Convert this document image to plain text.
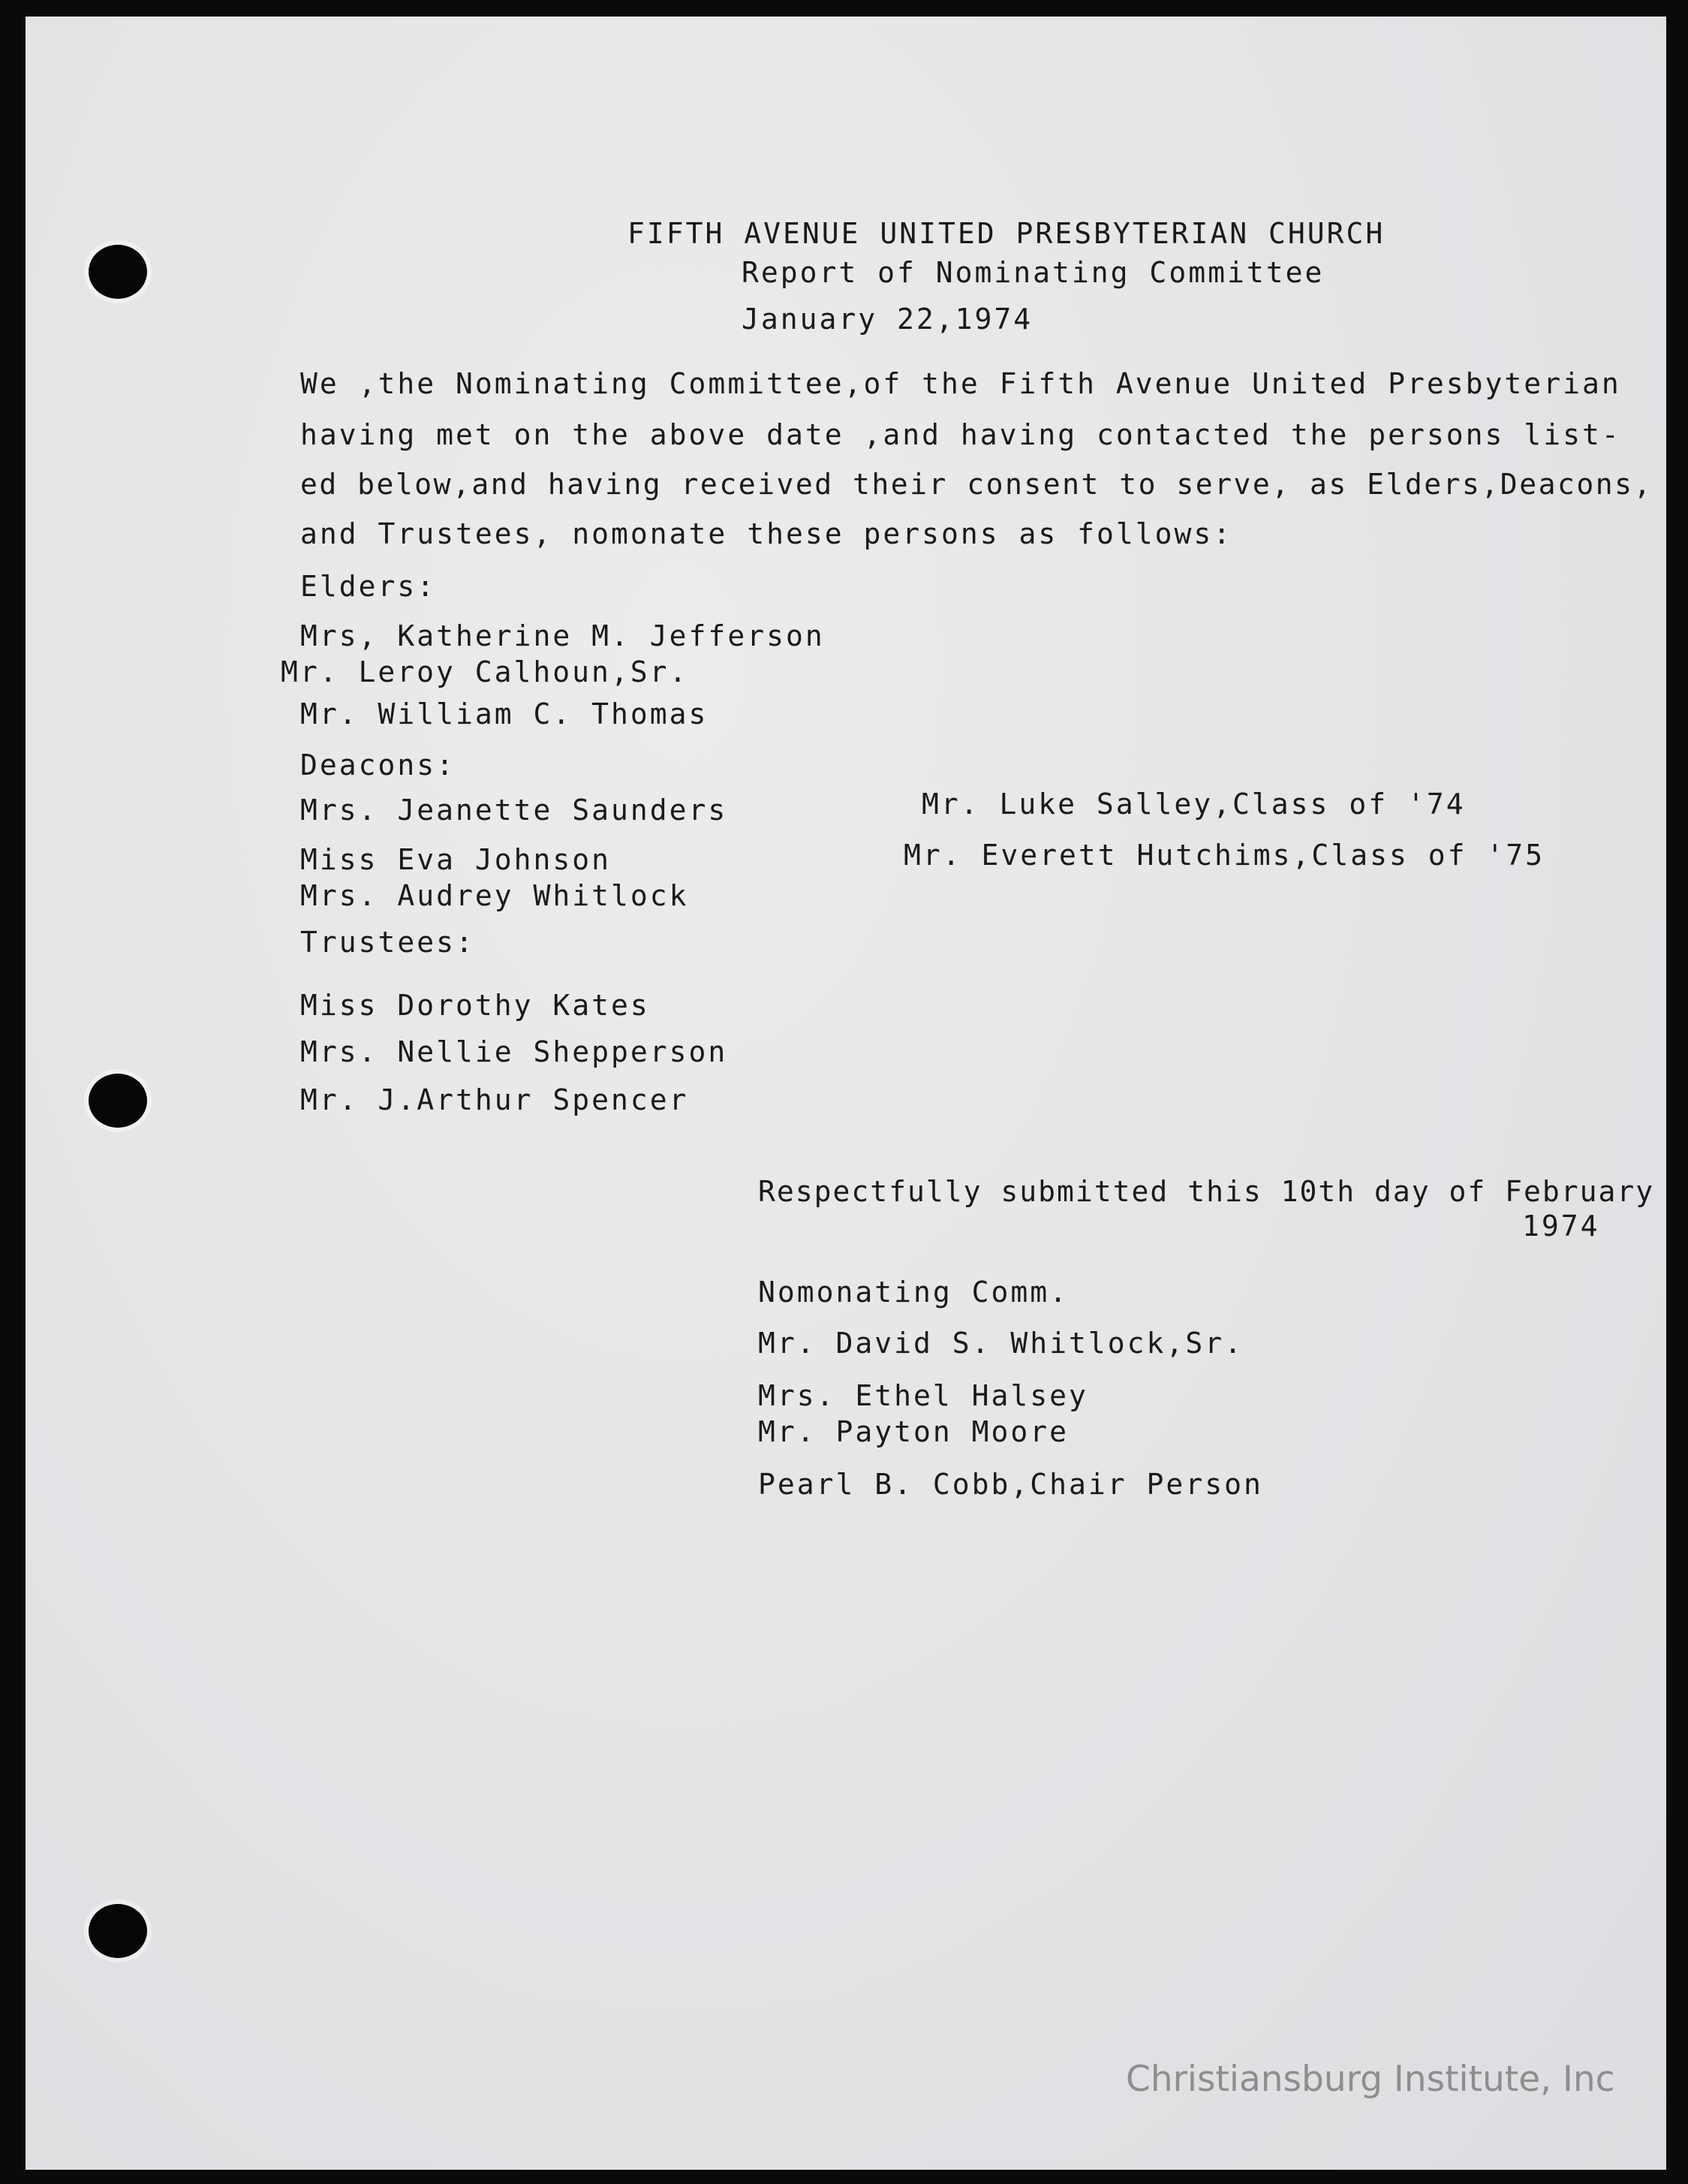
FIFTH AVENUE UNITED PRESBYTERIAN CHURCH
Report of Nominating Committee
January 22,1974
We ,the Nominating Committee,of the Fifth Avenue United Presbyterian
having met on the above date ,and having contacted the persons list-
ed below,and having received their consent to serve, as Elders,Deacons,
and Trustees, nomonate these persons as follows:
Elders:
Mrs, Katherine M. Jefferson
Mr. Leroy Calhoun,Sr.
Mr. William C. Thomas
Deacons:
Mrs. Jeanette Saunders
Miss Eva Johnson
Mrs. Audrey Whitlock
Mr. Luke Salley,Class of '74
Mr. Everett Hutchims,Class of '75
Trustees:
Miss Dorothy Kates
Mrs. Nellie Shepperson
Mr. J.Arthur Spencer
Respectfully submitted this 10th day of February
1974
Nomonating Comm.
Mr. David S. Whitlock,Sr.
Mrs. Ethel Halsey
Mr. Payton Moore
Pearl B. Cobb,Chair Person
Christiansburg Institute, Inc
